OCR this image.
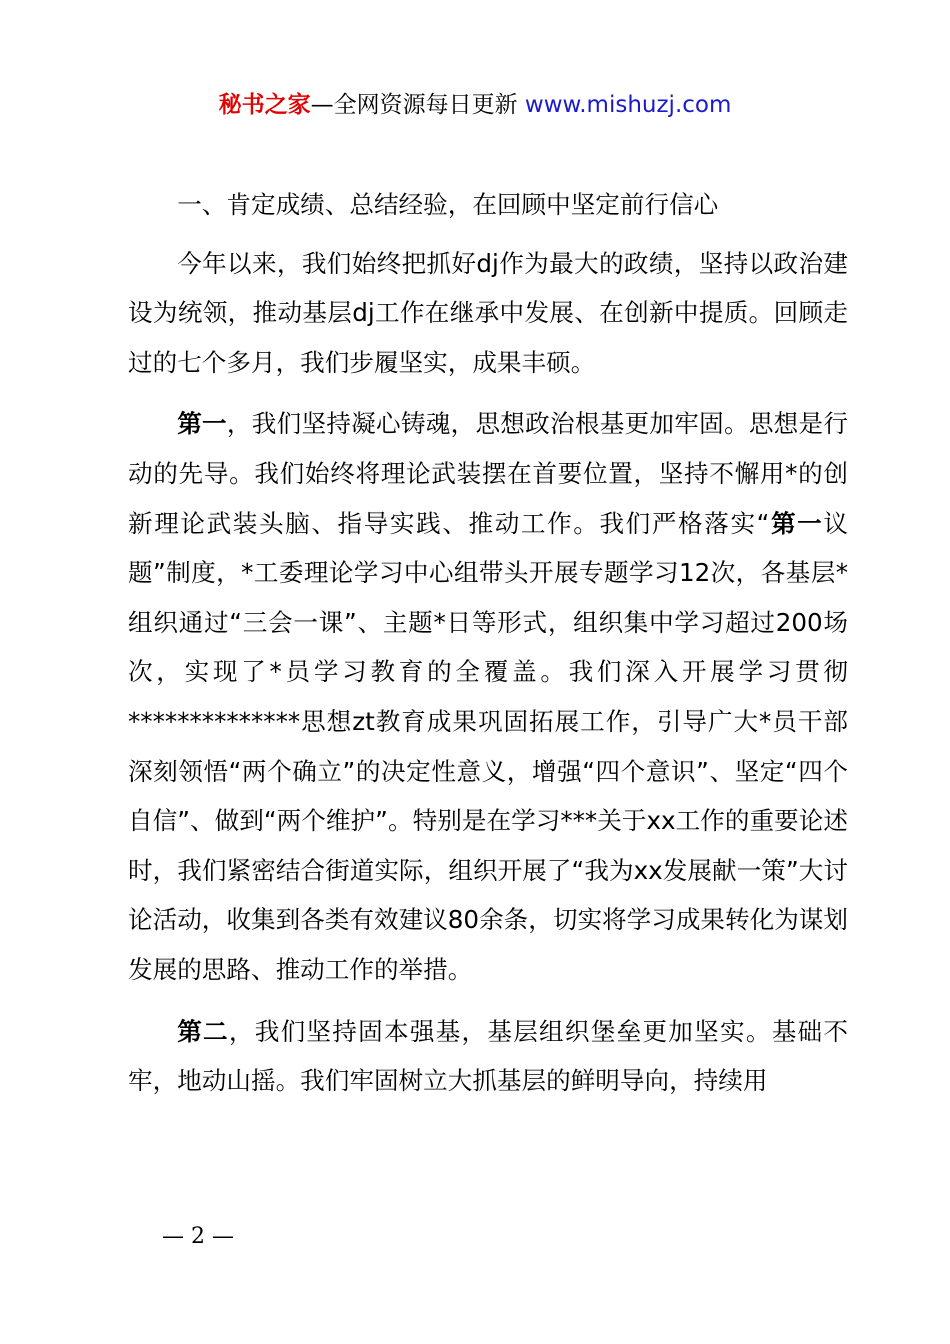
秘书之家—全网资源每日更新 www.mishuzj.com

一、肯定成绩、总结经验，在回顾中坚定前行信心

今年以来，我们始终把抓好dj作为最大的政绩，坚持以政治建设为统领，推动基层dj工作在继承中发展、在创新中提质。回顾走过的七个多月，我们步履坚实，成果丰硕。

第一，我们坚持凝心铸魂，思想政治根基更加牢固。思想是行动的先导。我们始终将理论武装摆在首要位置，坚持不懈用*的创新理论武装头脑、指导实践、推动工作。我们严格落实“第一议题”制度，*工委理论学习中心组带头开展专题学习12次，各基层*组织通过“三会一课”、主题*日等形式，组织集中学习超过200场次，实现了*员学习教育的全覆盖。我们深入开展学习贯彻**************思想zt教育成果巩固拓展工作，引导广大*员干部深刻领悟“两个确立”的决定性意义，增强“四个意识”、坚定“四个自信”、做到“两个维护”。特别是在学习***关于xx工作的重要论述时，我们紧密结合街道实际，组织开展了“我为xx发展献一策”大讨论活动，收集到各类有效建议80余条，切实将学习成果转化为谋划发展的思路、推动工作的举措。

第二，我们坚持固本强基，基层组织堡垒更加坚实。基础不牢，地动山摇。我们牢固树立大抓基层的鲜明导向，持续用

— 2 —
